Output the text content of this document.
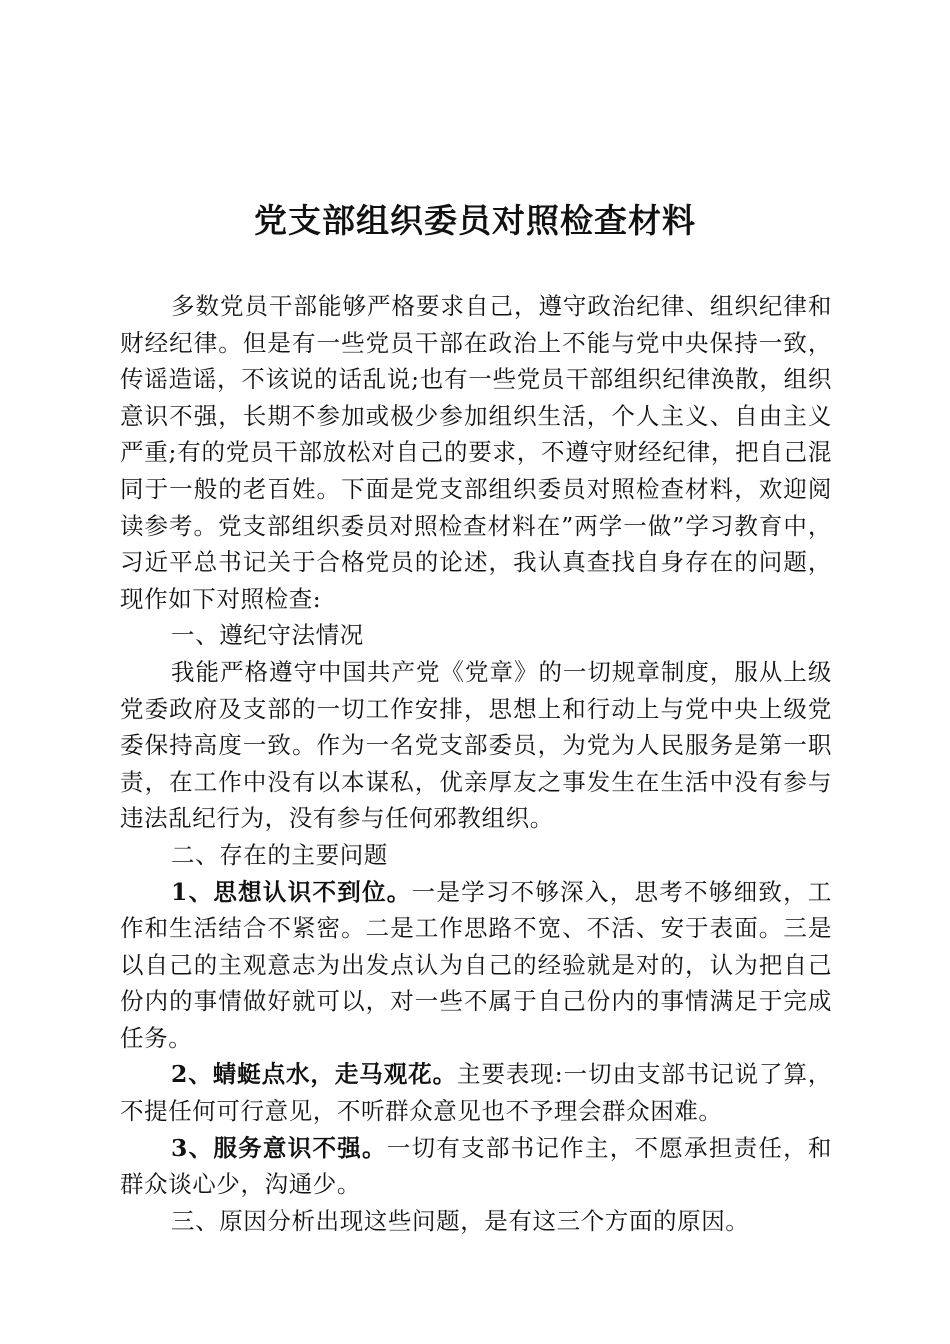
党支部组织委员对照检查材料

多数党员干部能够严格要求自己，遵守政治纪律、组织纪律和财经纪律。但是有一些党员干部在政治上不能与党中央保持一致，传谣造谣，不该说的话乱说;也有一些党员干部组织纪律涣散，组织意识不强，长期不参加或极少参加组织生活，个人主义、自由主义严重;有的党员干部放松对自己的要求，不遵守财经纪律，把自己混同于一般的老百姓。下面是党支部组织委员对照检查材料，欢迎阅读参考。党支部组织委员对照检查材料在”两学一做”学习教育中，习近平总书记关于合格党员的论述，我认真查找自身存在的问题，现作如下对照检查:

一、遵纪守法情况

我能严格遵守中国共产党《党章》的一切规章制度，服从上级党委政府及支部的一切工作安排，思想上和行动上与党中央上级党委保持高度一致。作为一名党支部委员，为党为人民服务是第一职责，在工作中没有以本谋私，优亲厚友之事发生在生活中没有参与违法乱纪行为，没有参与任何邪教组织。

二、存在的主要问题

1、思想认识不到位。一是学习不够深入，思考不够细致，工作和生活结合不紧密。二是工作思路不宽、不活、安于表面。三是以自己的主观意志为出发点认为自己的经验就是对的，认为把自己份内的事情做好就可以，对一些不属于自己份内的事情满足于完成任务。

2、蜻蜓点水，走马观花。主要表现:一切由支部书记说了算，不提任何可行意见，不听群众意见也不予理会群众困难。

3、服务意识不强。一切有支部书记作主，不愿承担责任，和群众谈心少，沟通少。

三、原因分析出现这些问题，是有这三个方面的原因。
